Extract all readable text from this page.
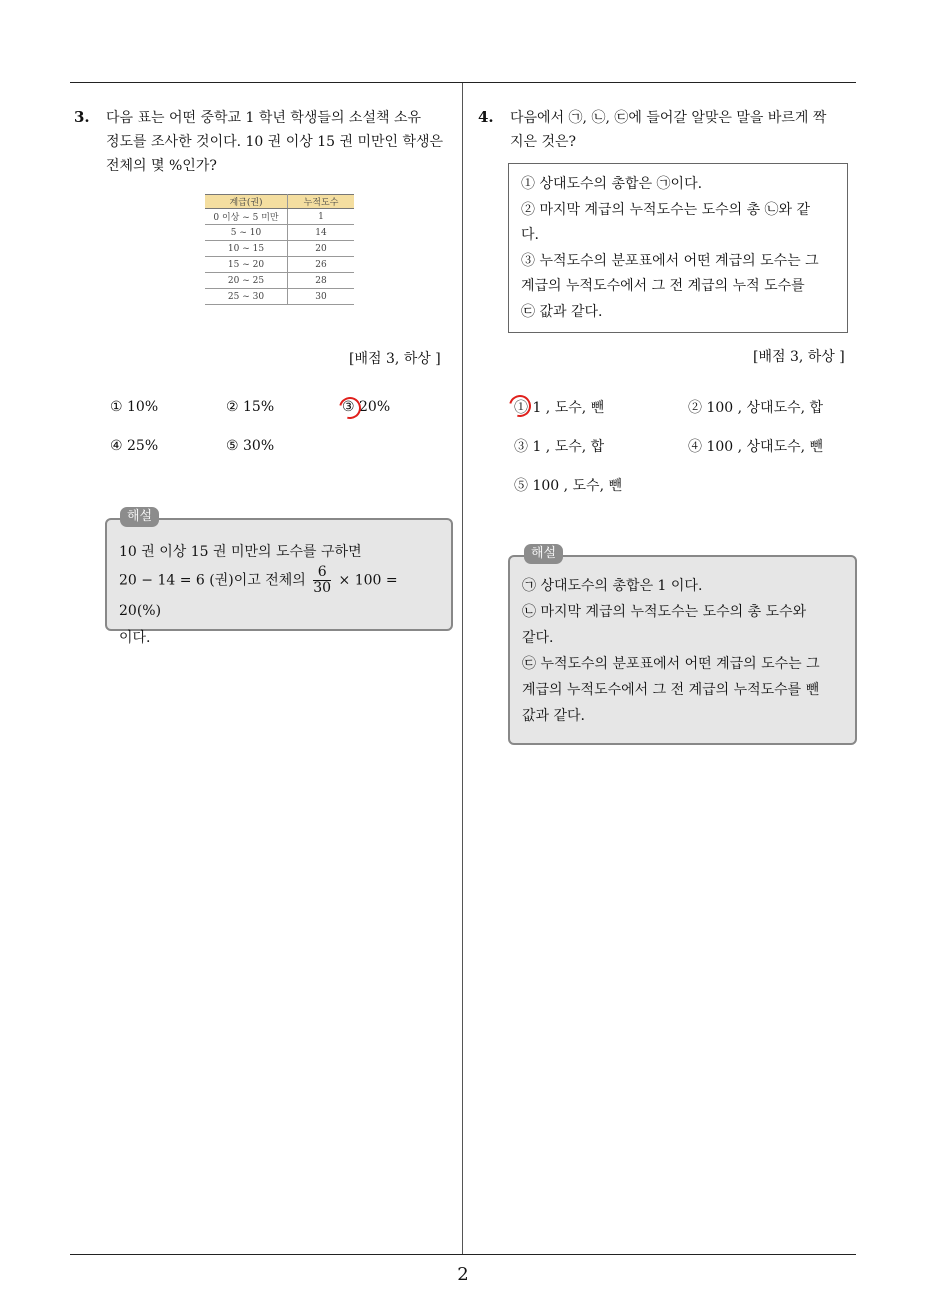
3. 다음 표는 어떤 중학교 1 학년 학생들의 소설책 소유
정도를 조사한 것이다. 10 권 이상 15 권 미만인 학생은
전체의 몇 %인가?
계급(권)	누적도수
0 이상 ~ 5 미만	1
5 ~ 10	14
10 ~ 15	20
15 ~ 20	26
20 ~ 25	28
25 ~ 30	30
[배점 3, 하상 ]
① 10%	② 15%	③ 20%
④ 25%	⑤ 30%
10 권 이상 15 권 미만의 도수를 구하면
20 − 14 = 6 (권)이고 전체의 $\frac{6}{30} \times 100 = 20(\%)$
이다.
해설
4. 다음에서 ㉠, ㉡, ㉢에 들어갈 알맞은 말을 바르게 짝
지은 것은?
① 상대도수의 총합은 ㉠이다.
② 마지막 계급의 누적도수는 도수의 총 ㉡와 같
다.
③ 누적도수의 분포표에서 어떤 계급의 도수는 그
계급의 누적도수에서 그 전 계급의 누적 도수를
㉢ 값과 같다.
[배점 3, 하상 ]
① 1 , 도수, 뺀	② 100 , 상대도수, 합
③ 1 , 도수, 합	④ 100 , 상대도수, 뺀
⑤ 100 , 도수, 뺀
㉠ 상대도수의 총합은 1 이다.
㉡ 마지막 계급의 누적도수는 도수의 총 도수와
같다.
㉢ 누적도수의 분포표에서 어떤 계급의 도수는 그
계급의 누적도수에서 그 전 계급의 누적도수를 뺀
값과 같다.
해설
2
